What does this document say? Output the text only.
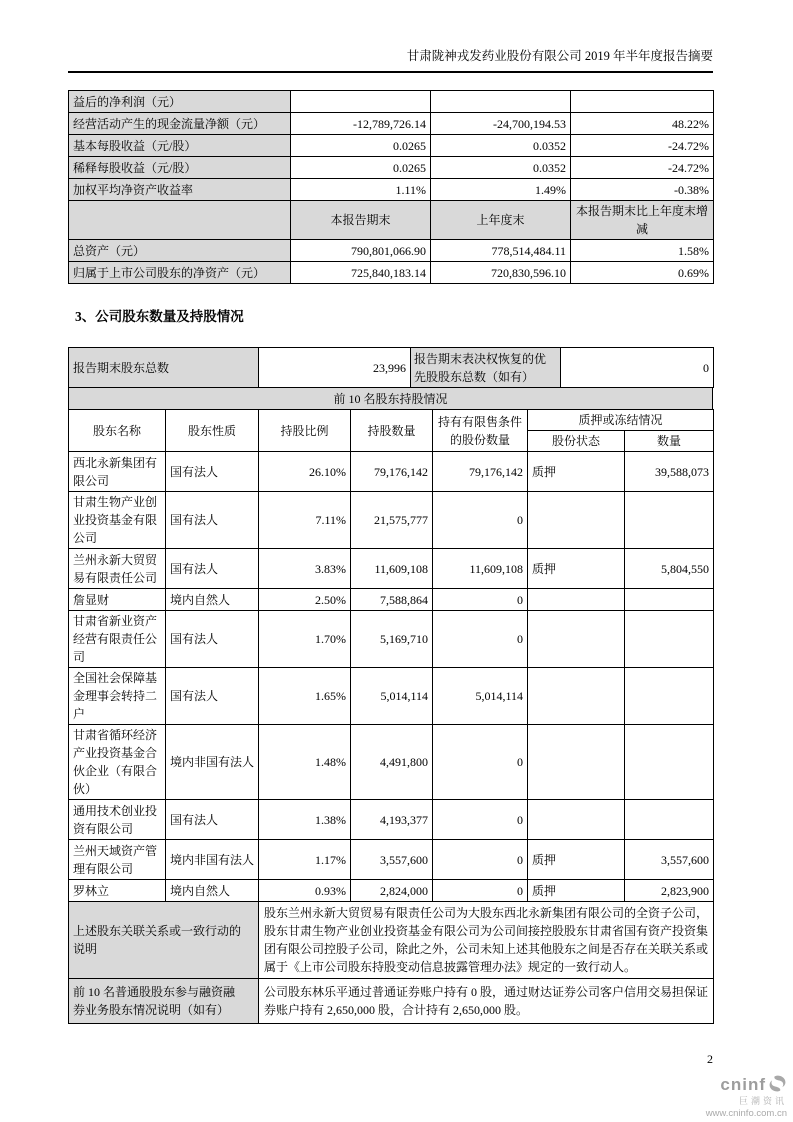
甘肃陇神戎发药业股份有限公司 2019 年半年度报告摘要
益后的净利润（元）			
经营活动产生的现金流量净额（元）	-12,789,726.14	-24,700,194.53	48.22%
基本每股收益（元/股）	0.0265	0.0352	-24.72%
稀释每股收益（元/股）	0.0265	0.0352	-24.72%
加权平均净资产收益率	1.11%	1.49%	-0.38%
	本报告期末	上年度末	本报告期末比上年度末增减
总资产（元）	790,801,066.90	778,514,484.11	1.58%
归属于上市公司股东的净资产（元）	725,840,183.14	720,830,596.10	0.69%
3、公司股东数量及持股情况
报告期末股东总数	23,996	报告期末表决权恢复的优先股股东总数（如有）	0
前 10 名股东持股情况
股东名称	股东性质	持股比例	持股数量	持有有限售条件的股份数量	质押或冻结情况	
					股份状态	数量
西北永新集团有限公司	国有法人	26.10%	79,176,142	79,176,142	质押	39,588,073
甘肃生物产业创业投资基金有限公司	国有法人	7.11%	21,575,777	0		
兰州永新大贸贸易有限责任公司	国有法人	3.83%	11,609,108	11,609,108	质押	5,804,550
詹显财	境内自然人	2.50%	7,588,864	0		
甘肃省新业资产经营有限责任公司	国有法人	1.70%	5,169,710	0		
全国社会保障基金理事会转持二户	国有法人	1.65%	5,014,114	5,014,114		
甘肃省循环经济产业投资基金合伙企业（有限合伙）	境内非国有法人	1.48%	4,491,800	0		
通用技术创业投资有限公司	国有法人	1.38%	4,193,377	0		
兰州天域资产管理有限公司	境内非国有法人	1.17%	3,557,600	0	质押	3,557,600
罗林立	境内自然人	0.93%	2,824,000	0	质押	2,823,900
上述股东关联关系或一致行动的说明	股东兰州永新大贸贸易有限责任公司为大股东西北永新集团有限公司的全资子公司，股东甘肃生物产业创业投资基金有限公司为公司间接控股股东甘肃省国有资产投资集团有限公司控股子公司，除此之外，公司未知上述其他股东之间是否存在关联关系或属于《上市公司股东持股变动信息披露管理办法》规定的一致行动人。
前 10 名普通股股东参与融资融券业务股东情况说明（如有）	公司股东林乐平通过普通证券账户持有 0 股，通过财达证券公司客户信用交易担保证券账户持有 2,650,000 股，合计持有 2,650,000 股。
2
cninf
巨潮资讯
www.cninfo.com.cn
